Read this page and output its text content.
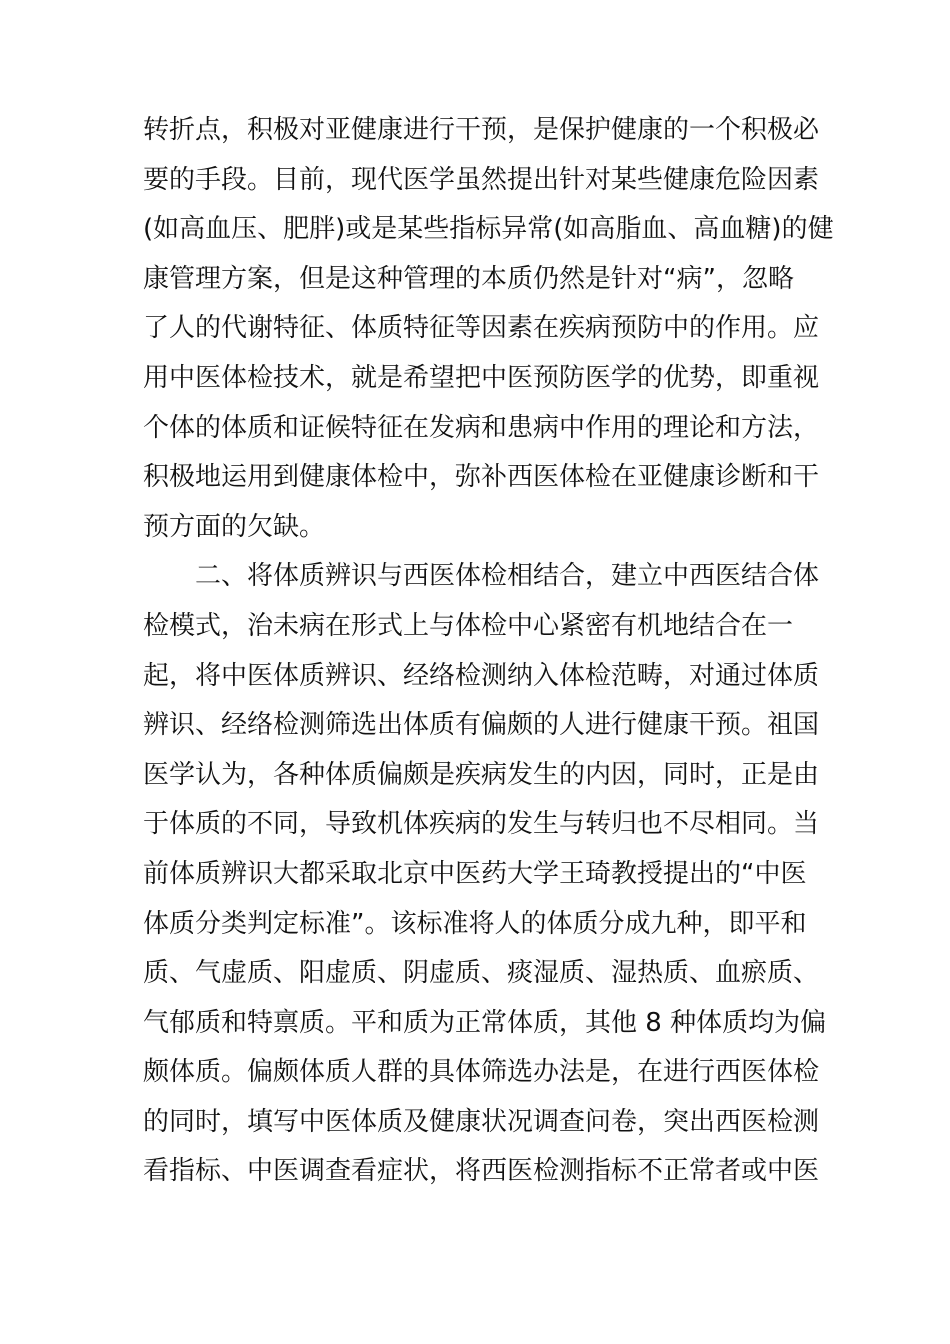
转折点，积极对亚健康进行干预，是保护健康的一个积极必
要的手段。目前，现代医学虽然提出针对某些健康危险因素
(如高血压、肥胖)或是某些指标异常(如高脂血、高血糖)的健
康管理方案，但是这种管理的本质仍然是针对“病”，忽略
了人的代谢特征、体质特征等因素在疾病预防中的作用。应
用中医体检技术，就是希望把中医预防医学的优势，即重视
个体的体质和证候特征在发病和患病中作用的理论和方法，
积极地运用到健康体检中，弥补西医体检在亚健康诊断和干
预方面的欠缺。
二、将体质辨识与西医体检相结合，建立中西医结合体
检模式，治未病在形式上与体检中心紧密有机地结合在一
起，将中医体质辨识、经络检测纳入体检范畴，对通过体质
辨识、经络检测筛选出体质有偏颇的人进行健康干预。祖国
医学认为，各种体质偏颇是疾病发生的内因，同时，正是由
于体质的不同，导致机体疾病的发生与转归也不尽相同。当
前体质辨识大都采取北京中医药大学王琦教授提出的“中医
体质分类判定标准”。该标准将人的体质分成九种，即平和
质、气虚质、阳虚质、阴虚质、痰湿质、湿热质、血瘀质、
气郁质和特禀质。平和质为正常体质，其他 8 种体质均为偏
颇体质。偏颇体质人群的具体筛选办法是，在进行西医体检
的同时，填写中医体质及健康状况调查问卷，突出西医检测
看指标、中医调查看症状，将西医检测指标不正常者或中医
